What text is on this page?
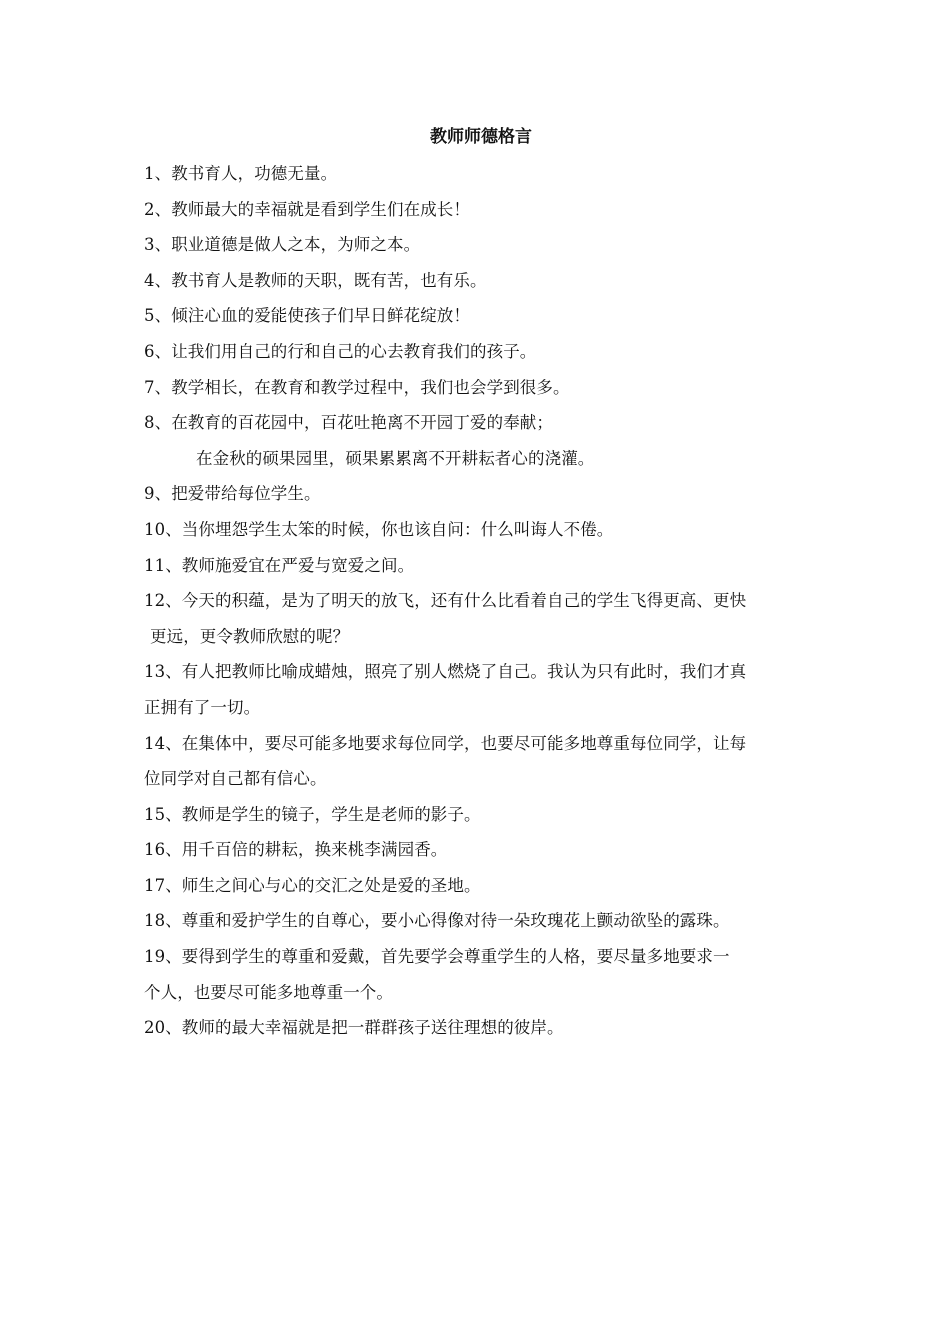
教师师德格言
1、教书育人，功德无量。
2、教师最大的幸福就是看到学生们在成长！
3、职业道德是做人之本，为师之本。
4、教书育人是教师的天职，既有苦，也有乐。
5、倾注心血的爱能使孩子们早日鲜花绽放！
6、让我们用自己的行和自己的心去教育我们的孩子。
7、教学相长，在教育和教学过程中，我们也会学到很多。
8、在教育的百花园中，百花吐艳离不开园丁爱的奉献；
在金秋的硕果园里，硕果累累离不开耕耘者心的浇灌。
9、把爱带给每位学生。
10、当你埋怨学生太笨的时候，你也该自问：什么叫诲人不倦。
11、教师施爱宜在严爱与宽爱之间。
12、今天的积蕴，是为了明天的放飞，还有什么比看着自己的学生飞得更高、更快
更远，更令教师欣慰的呢？
13、有人把教师比喻成蜡烛，照亮了别人燃烧了自己。我认为只有此时，我们才真
正拥有了一切。
14、在集体中，要尽可能多地要求每位同学，也要尽可能多地尊重每位同学，让每
位同学对自己都有信心。
15、教师是学生的镜子，学生是老师的影子。
16、用千百倍的耕耘，换来桃李满园香。
17、师生之间心与心的交汇之处是爱的圣地。
18、尊重和爱护学生的自尊心，要小心得像对待一朵玫瑰花上颤动欲坠的露珠。
19、要得到学生的尊重和爱戴，首先要学会尊重学生的人格，要尽量多地要求一
个人，也要尽可能多地尊重一个。
20、教师的最大幸福就是把一群群孩子送往理想的彼岸。
